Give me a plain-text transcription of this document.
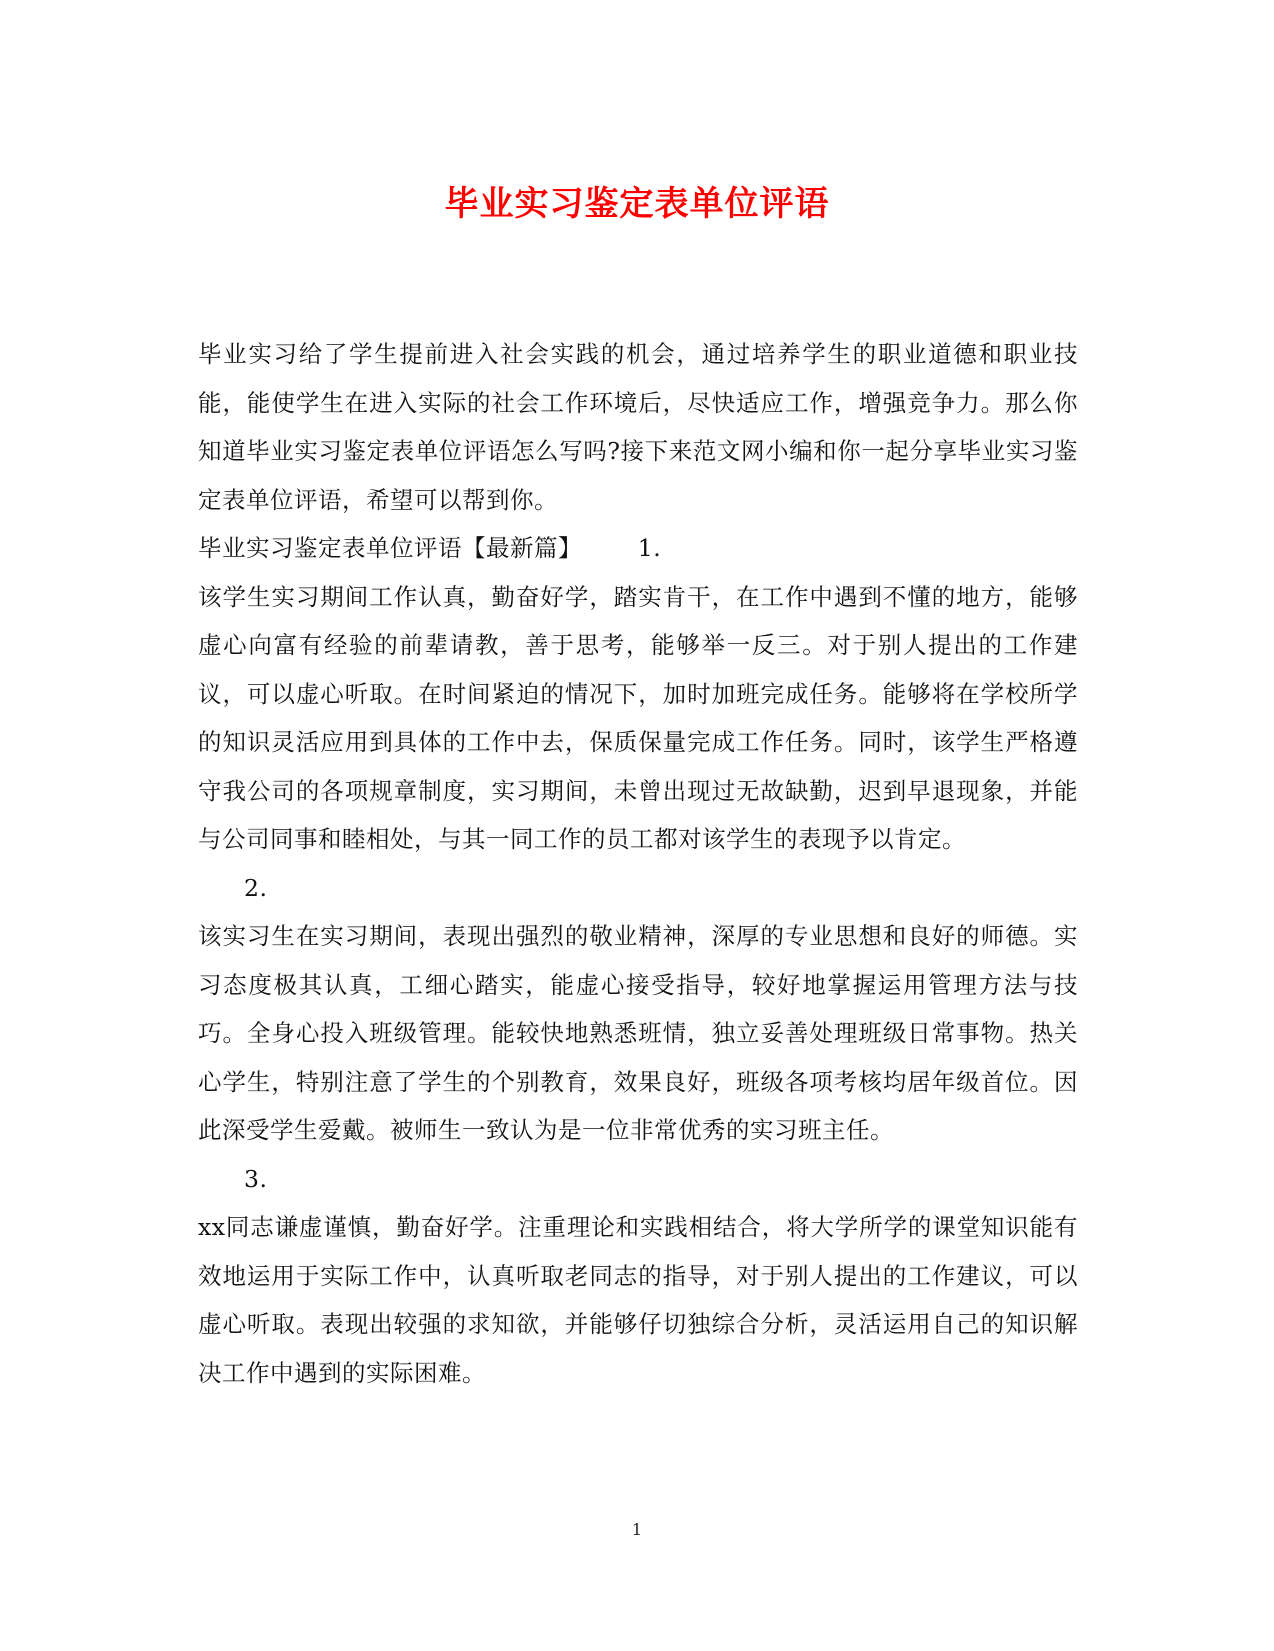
毕业实习鉴定表单位评语

毕业实习给了学生提前进入社会实践的机会，通过培养学生的职业道德和职业技能，能使学生在进入实际的社会工作环境后，尽快适应工作，增强竞争力。那么你知道毕业实习鉴定表单位评语怎么写吗?接下来范文网小编和你一起分享毕业实习鉴定表单位评语，希望可以帮到你。

毕业实习鉴定表单位评语【最新篇】 1.

该学生实习期间工作认真，勤奋好学，踏实肯干，在工作中遇到不懂的地方，能够虚心向富有经验的前辈请教，善于思考，能够举一反三。对于别人提出的工作建议，可以虚心听取。在时间紧迫的情况下，加时加班完成任务。能够将在学校所学的知识灵活应用到具体的工作中去，保质保量完成工作任务。同时，该学生严格遵守我公司的各项规章制度，实习期间，未曾出现过无故缺勤，迟到早退现象，并能与公司同事和睦相处，与其一同工作的员工都对该学生的表现予以肯定。

2.

该实习生在实习期间，表现出强烈的敬业精神，深厚的专业思想和良好的师德。实习态度极其认真，工细心踏实，能虚心接受指导，较好地掌握运用管理方法与技巧。全身心投入班级管理。能较快地熟悉班情，独立妥善处理班级日常事物。热关心学生，特别注意了学生的个别教育，效果良好，班级各项考核均居年级首位。因此深受学生爱戴。被师生一致认为是一位非常优秀的实习班主任。

3.

xx同志谦虚谨慎，勤奋好学。注重理论和实践相结合，将大学所学的课堂知识能有效地运用于实际工作中，认真听取老同志的指导，对于别人提出的工作建议，可以虚心听取。表现出较强的求知欲，并能够仔切独综合分析，灵活运用自己的知识解决工作中遇到的实际困难。

1
